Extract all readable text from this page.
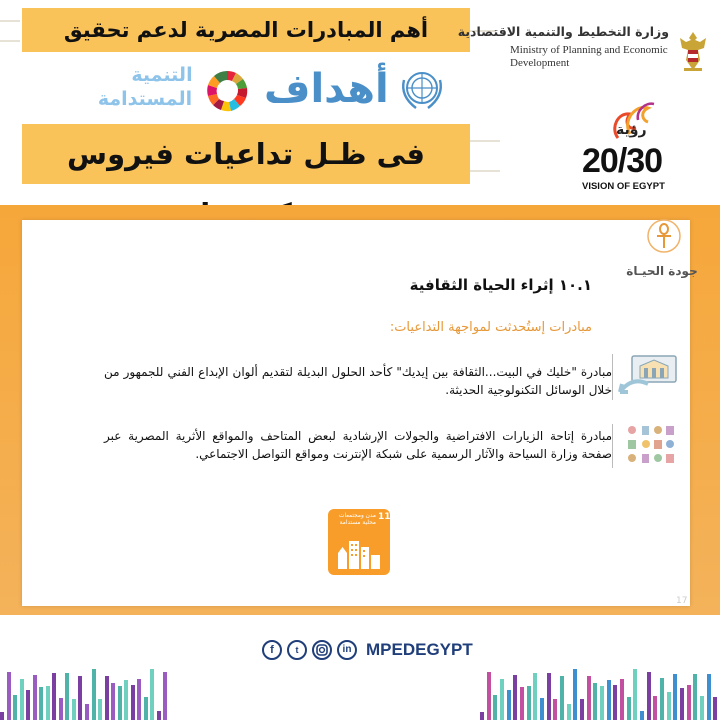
أهم المبادرات المصرية لدعم تحقيق
أهداف
التنمية
المستدامة
فى ظـل تداعيات فيروس
وزارة التخطيط والتنمية الاقتصادية
Ministry of Planning and Economic Development
رؤية
20/30
VISION OF EGYPT
جودة الحيـاة
١٠.١ إثراء الحياة الثقافية
مبادرات إستُحدثت لمواجهة التداعيات:
مبادرة "خليك في البيت...الثقافة بين إيديك" كأحد الحلول البديلة لتقديم ألوان الإبداع الفني للجمهور من خلال الوسائل التكنولوجية الحديثة.
مبادرة إتاحة الزيارات الافتراضية والجولات الإرشادية لبعض المتاحف والمواقع الأثرية المصرية عبر صفحة وزارة السياحة والآثار الرسمية على شبكة الإنترنت ومواقع التواصل الاجتماعي.
11
مدن ومجتمعات محلية مستدامة
17
f	t	in MPEDEGYPT
